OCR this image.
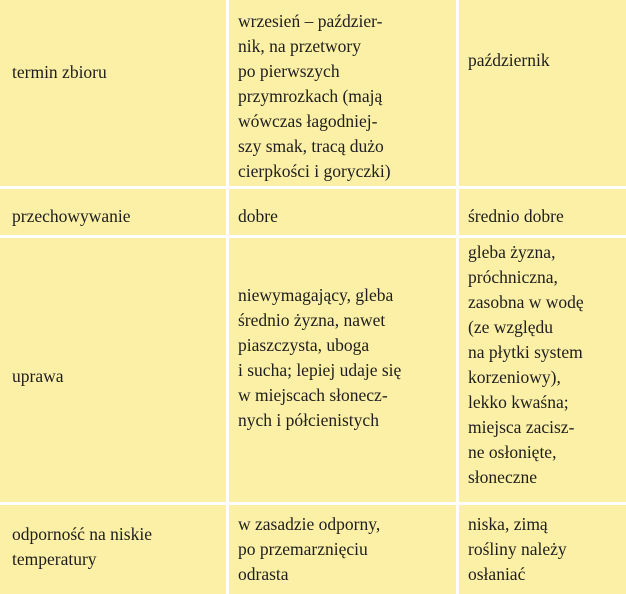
termin zbioru
wrzesień – paździer-
nik, na przetwory
po pierwszych
przymrozkach (mają
wówczas łagodniej-
szy smak, tracą dużo
cierpkości i goryczki)
październik
przechowywanie	dobre	średnio dobre
uprawa
niewymagający, gleba
średnio żyzna, nawet
piaszczysta, uboga
i sucha; lepiej udaje się
w miejscach słonecz-
nych i półcienistych
gleba żyzna,
próchniczna,
zasobna w wodę
(ze względu
na płytki system
korzeniowy),
lekko kwaśna;
miejsca zacisz-
ne osłonięte,
słoneczne
odporność na niskie
temperatury
w zasadzie odporny,
po przemarznięciu
odrasta
niska, zimą
rośliny należy
osłaniać
